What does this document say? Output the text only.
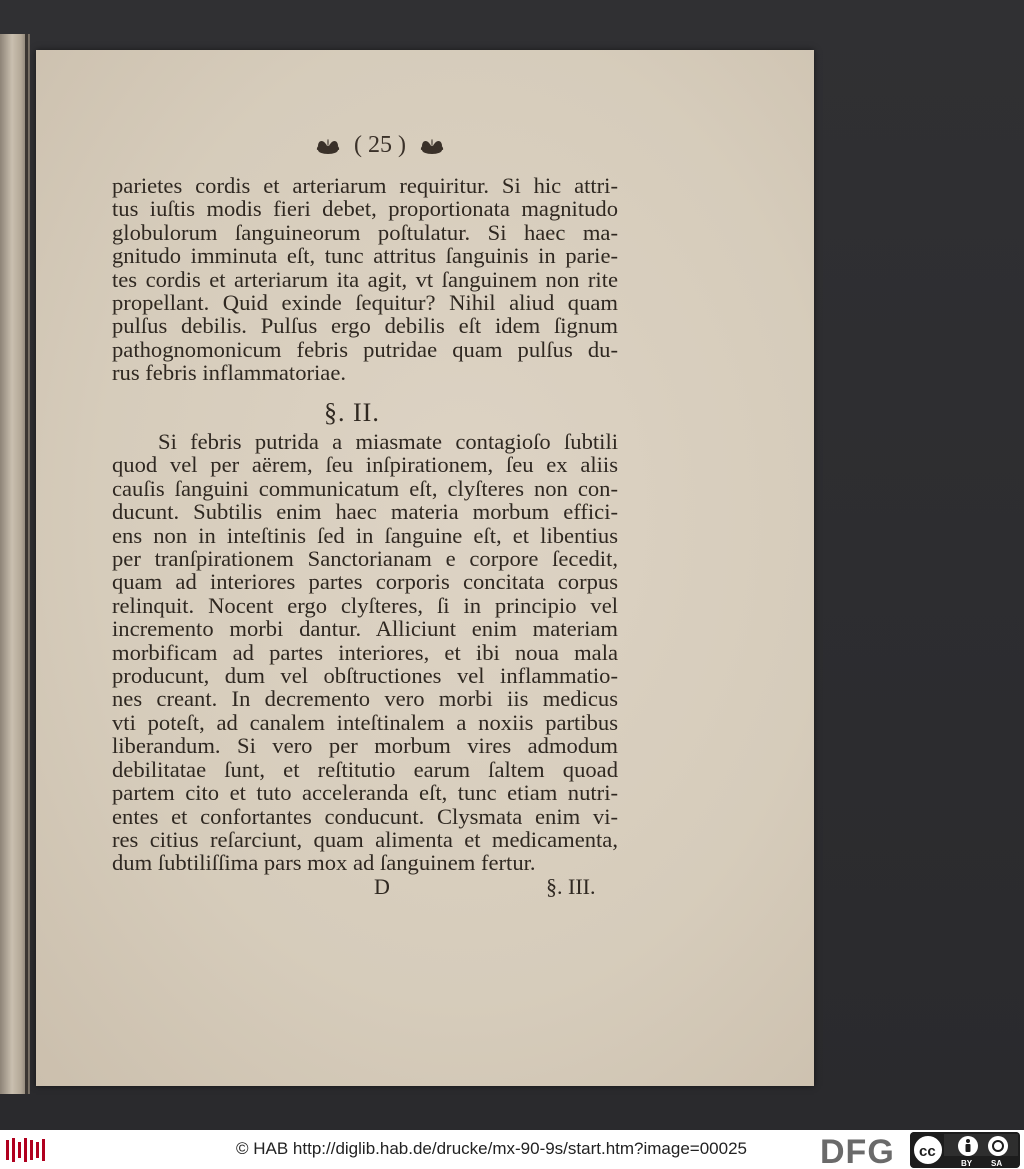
( 25 )
parietes cordis et arteriarum requiritur. Si hic attri-
tus iuſtis modis fieri debet, proportionata magnitudo
globulorum ſanguineorum poſtulatur. Si haec ma-
gnitudo imminuta eſt, tunc attritus ſanguinis in parie-
tes cordis et arteriarum ita agit, vt ſanguinem non rite
propellant. Quid exinde ſequitur? Nihil aliud quam
pulſus debilis. Pulſus ergo debilis eſt idem ſignum
pathognomonicum febris putridae quam pulſus du-
rus febris inflammatoriae.
§. II.
Si febris putrida a miasmate contagioſo ſubtili
quod vel per aërem, ſeu inſpirationem, ſeu ex aliis
cauſis ſanguini communicatum eſt, clyſteres non con-
ducunt. Subtilis enim haec materia morbum effici-
ens non in inteſtinis ſed in ſanguine eſt, et libentius
per tranſpirationem Sanctorianam e corpore ſecedit,
quam ad interiores partes corporis concitata corpus
relinquit. Nocent ergo clyſteres, ſi in principio vel
incremento morbi dantur. Alliciunt enim materiam
morbificam ad partes interiores, et ibi noua mala
producunt, dum vel obſtructiones vel inflammatio-
nes creant. In decremento vero morbi iis medicus
vti poteſt, ad canalem inteſtinalem a noxiis partibus
liberandum. Si vero per morbum vires admodum
debilitatae ſunt, et reſtitutio earum ſaltem quoad
partem cito et tuto acceleranda eſt, tunc etiam nutri-
entes et confortantes conducunt. Clysmata enim vi-
res citius reſarciunt, quam alimenta et medicamenta,
dum ſubtiliſſima pars mox ad ſanguinem fertur.
D	§. III.
© HAB http://diglib.hab.de/drucke/mx-90-9s/start.htm?image=00025 DFG cc
BY SA
